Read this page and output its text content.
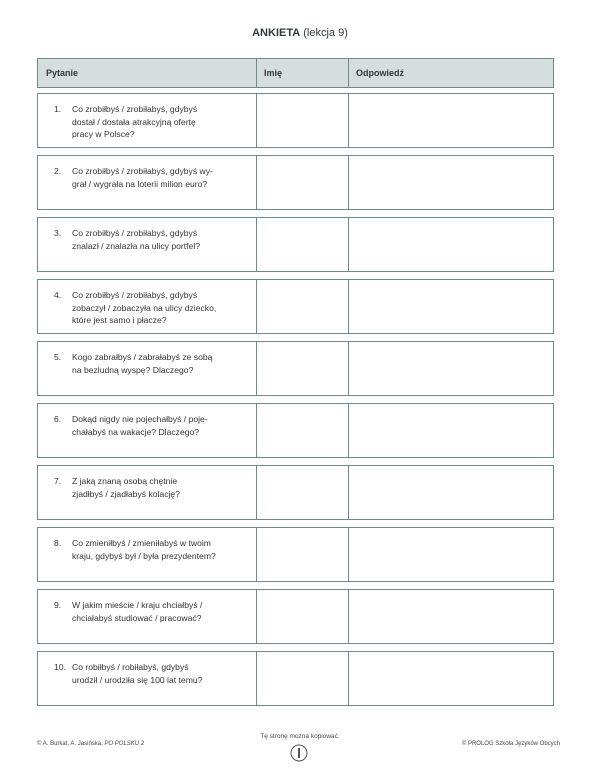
ANKIETA (lekcja 9)
Pytanie	Imię	Odpowiedź
1.	Co zrobiłbyś / zrobiłabyś, gdybyś
dostał / dostała atrakcyjną ofertę
pracy w Polsce?
2.	Co zrobiłbyś / zrobiłabyś, gdybyś wy-
grał / wygrała na loterii milion euro?
3.	Co zrobiłbyś / zrobiłabyś, gdybyś
znalazł / znalazła na ulicy portfel?
4.	Co zrobiłbyś / zrobiłabyś, gdybyś
zobaczył / zobaczyła na ulicy dziecko,
które jest samo i płacze?
5.	Kogo zabrałbyś / zabrałabyś ze sobą
na bezludną wyspę? Dlaczego?
6.	Dokąd nigdy nie pojechałbyś / poje-
chałabyś na wakacje? Dlaczego?
7.	Z jaką znaną osobą chętnie
zjadłbyś / zjadłabyś kolację?
8.	Co zmieniłbyś / zmieniłabyś w twoim
kraju, gdybyś był / była prezydentem?
9.	W jakim mieście / kraju chciałbyś /
chciałabyś studiować / pracować?
10. Co robiłbyś / robiłabyś, gdybyś
urodził / urodziła się 100 lat temu?
© A. Burkat, A. Jasińska, PO POLSKU 2
Tę stronę można kopiować.
© PROLOG Szkoła Języków Obcych
